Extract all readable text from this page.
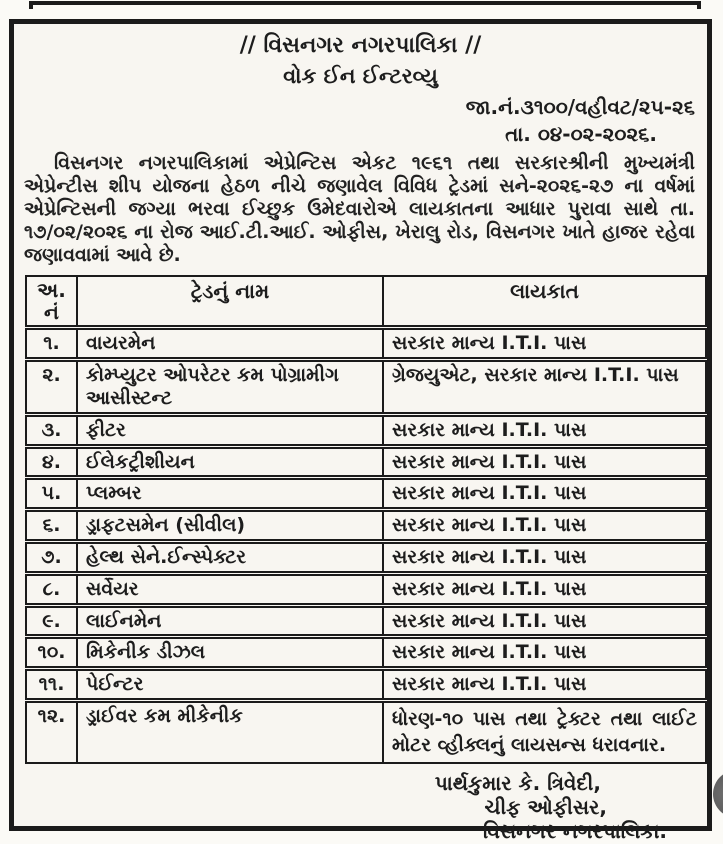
// વિસનગર નગરપાલિકા //
વોક ઈન ઈન્ટરવ્યુ
જા.નં.૩૧૦૦/વહીવટ/૨૫-૨૬
તા. ૦૪-૦૨-૨૦૨૬.

વિસનગર નગરપાલિકામાં એપ્રેન્ટિસ એકટ ૧૯૬૧ તથા સરકારશ્રીની મુખ્યમંત્રી એપ્રેન્ટીસ શીપ યોજના હેઠળ નીચે જણાવેલ વિવિધ ટ્રેડમાં સને-૨૦૨૬-૨૭ ના વર્ષમાં એપ્રેન્ટિસની જગ્યા ભરવા ઈચ્છુક ઉમેદવારોએ લાયકાતના આધાર પુરાવા સાથે તા. ૧૭/૦૨/૨૦૨૬ ના રોજ આઈ.ટી.આઈ. ઓફીસ, ખેરાલુ રોડ, વિસનગર ખાતે હાજર રહેવા જણાવવામાં આવે છે.

અ.
નં	ટ્રેડનું નામ	લાયકાત
૧.	વાયરમેન	સરકાર માન્ય I.T.I. પાસ
૨.	કોમ્પ્યુટર ઓપરેટર કમ પોગ્રામીગ આસીસ્ટન્ટ	ગ્રેજયુએટ, સરકાર માન્ય I.T.I. પાસ
૩.	ફીટર	સરકાર માન્ય I.T.I. પાસ
૪.	ઈલેકટ્રીશીયન	સરકાર માન્ય I.T.I. પાસ
૫.	પ્લમ્બર	સરકાર માન્ય I.T.I. પાસ
૬.	ડ્રાફટસમેન (સીવીલ)	સરકાર માન્ય I.T.I. પાસ
૭.	હેલ્થ સેને.ઈન્સ્પેક્ટર	સરકાર માન્ય I.T.I. પાસ
૮.	સર્વેયર	સરકાર માન્ય I.T.I. પાસ
૯.	લાઈનમેન	સરકાર માન્ય I.T.I. પાસ
૧૦.	મિકેનીક ડીઝલ	સરકાર માન્ય I.T.I. પાસ
૧૧.	પેઈન્ટર	સરકાર માન્ય I.T.I. પાસ
૧૨.	ડ્રાઈવર કમ મીકેનીક	ધોરણ-૧૦ પાસ તથા ટ્રેક્ટર તથા લાઈટ મોટર વ્હીક્લનું લાયસન્સ ધરાવનાર.
પાર્થકુમાર કે. ત્રિવેદી,
ચીફ ઓફીસર,
વિસનગર નગરપાલિકા.
